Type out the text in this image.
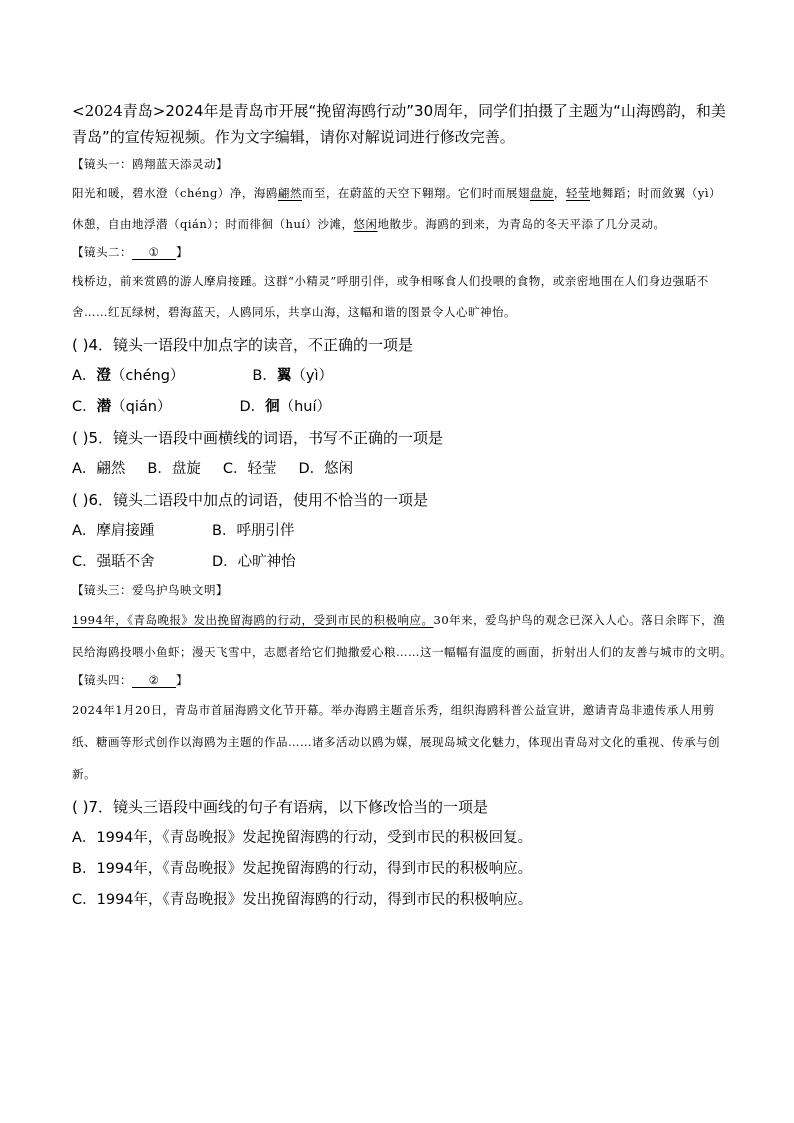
<2024青岛>2024年是青岛市开展“挽留海鸥行动”30周年，同学们拍摄了主题为“山海鸥韵，和美青岛”的宣传短视频。作为文字编辑，请你对解说词进行修改完善。

【镜头一：鸥翔蓝天添灵动】

阳光和暖，碧水澄（chéng）净，海鸥翩然而至，在蔚蓝的天空下翱翔。它们时而展翅盘旋，轻莹地舞蹈；时而敛翼（yì）休憩，自由地浮潜（qián）；时而徘徊（huí）沙滩，悠闲地散步。海鸥的到来，为青岛的冬天平添了几分灵动。

【镜头二： ① 】

栈桥边，前来赏鸥的游人摩肩接踵。这群“小精灵”呼朋引伴，或争相啄食人们投喂的食物，或亲密地围在人们身边强聒不舍……红瓦绿树，碧海蓝天，人鸥同乐，共享山海，这幅和谐的图景令人心旷神怡。

( )4．镜头一语段中加点字的读音，不正确的一项是

A．澄（chéng）	B．翼（yì）

C．潜（qián）	D．徊（huí）

( )5．镜头一语段中画横线的词语，书写不正确的一项是

A．翩然 B．盘旋 C．轻莹 D．悠闲

( )6．镜头二语段中加点的词语，使用不恰当的一项是

A．摩肩接踵	B．呼朋引伴

C．强聒不舍	D．心旷神怡

【镜头三：爱鸟护鸟映文明】

1994年，《青岛晚报》发出挽留海鸥的行动，受到市民的积极响应。30年来，爱鸟护鸟的观念已深入人心。落日余晖下，渔民给海鸥投喂小鱼虾；漫天飞雪中，志愿者给它们抛撒爱心粮……这一幅幅有温度的画面，折射出人们的友善与城市的文明。

【镜头四： ② 】

2024年1月20日，青岛市首届海鸥文化节开幕。举办海鸥主题音乐秀，组织海鸥科普公益宣讲，邀请青岛非遗传承人用剪纸、糖画等形式创作以海鸥为主题的作品……诸多活动以鸥为媒，展现岛城文化魅力，体现出青岛对文化的重视、传承与创新。

( )7．镜头三语段中画线的句子有语病，以下修改恰当的一项是

A．1994年，《青岛晚报》发起挽留海鸥的行动，受到市民的积极回复。

B．1994年，《青岛晚报》发起挽留海鸥的行动，得到市民的积极响应。

C．1994年，《青岛晚报》发出挽留海鸥的行动，得到市民的积极响应。
